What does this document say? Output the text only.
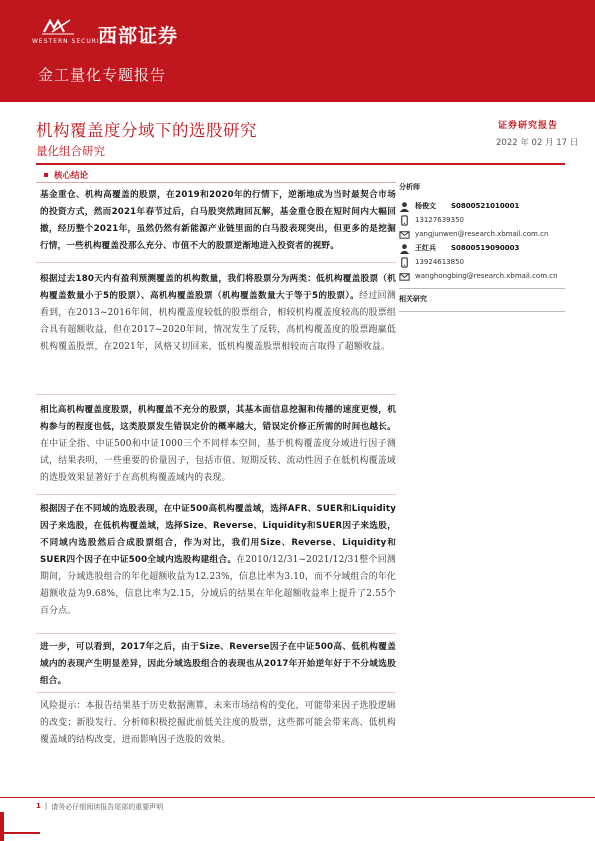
WESTERN SECURITIES
西部证券
金工量化专题报告
机构覆盖度分域下的选股研究
量化组合研究
证券研究报告
2022 年 02 月 17 日
核心结论
基金重仓、机构高覆盖的股票，在2019和2020年的行情下，逆渐地成为当时最契合市场的投资方式，然而2021年春节过后，白马股突然跑回瓦解，基金重仓股在短时间内大幅回撤，经历整个2021年，虽然仍然有新能源产业链里面的白马股表现突出，但更多的是挖掘行情，一些机构覆盖没那么充分、市值不大的股票逆渐地进入投资者的视野。
根据过去180天内有盈利预测覆盖的机构数量，我们将股票分为两类：低机构覆盖股票（机构覆盖数量小于5的股票）、高机构覆盖股票（机构覆盖数量大于等于5的股票）。经过回测看到，在2013~2016年间，机构覆盖度较低的股票组合，相较机构覆盖度较高的股票组合具有超额收益，但在2017~2020年间，情况发生了反转，高机构覆盖度的股票跑赢低机构覆盖股票，在2021年，风格又切回来，低机构覆盖股票相较而言取得了超额收益。
相比高机构覆盖度股票，机构覆盖不充分的股票，其基本面信息挖掘和传播的速度更慢，机构参与的程度也低，这类股票发生错误定价的概率越大，错误定价修正所需的时间也越长。在中证全指、中证500和中证1000三个不同样本空间，基于机构覆盖度分域进行因子测试，结果表明，一些重要的价量因子，包括市值、短期反转、流动性因子在低机构覆盖域的选股效果显著好于在高机构覆盖域内的表现。
根据因子在不同域的选股表现，在中证500高机构覆盖域，选择AFR、SUER和Liquidity因子来选股，在低机构覆盖域，选择Size、Reverse、Liquidity和SUER因子来选股，不同域内选股然后合成股票组合，作为对比，我们用Size、Reverse、Liquidity和SUER四个因子在中证500全域内选股构建组合。在2010/12/31~2021/12/31整个回测期间，分域选股组合的年化超额收益为12.23%，信息比率为3.10，而不分域组合的年化超额收益为9.68%，信息比率为2.15，分域后的结果在年化超额收益率上提升了2.55个百分点。
进一步，可以看到，2017年之后，由于Size、Reverse因子在中证500高、低机构覆盖域内的表现产生明显差异，因此分域选股组合的表现也从2017年开始逆年好于不分域选股组合。
风险提示：本报告结果基于历史数据测算，未来市场结构的变化，可能带来因子选股逻辑的改变；新股发行、分析师积极挖掘此前低关注度的股票，这些都可能会带来高、低机构覆盖域的结构改变，进而影响因子选股的效果。
分析师
杨俊文	S0800521010001
13127639350
yangjunwen@research.xbmail.com.cn
王红兵	S0800519090003
13924613850
wanghongbing@research.xbmail.com.cn
相关研究
1 | 请务必仔细阅读报告尾部的重要声明
